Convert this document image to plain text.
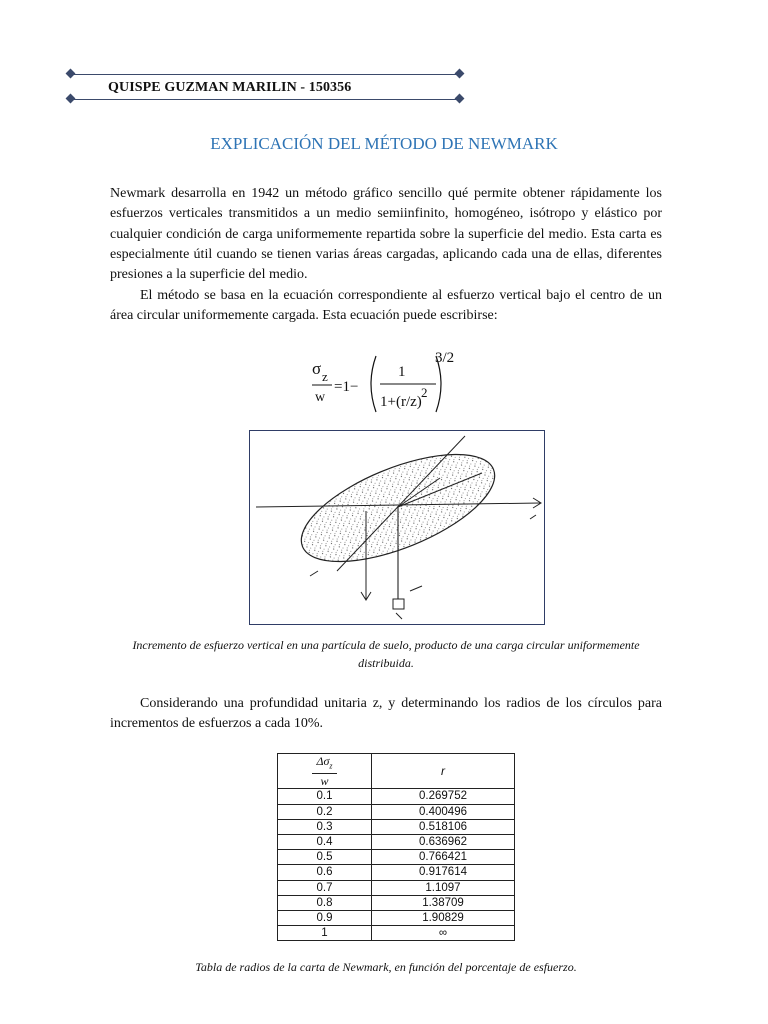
QUISPE GUZMAN MARILIN - 150356
EXPLICACIÓN DEL MÉTODO DE NEWMARK

Newmark desarrolla en 1942 un método gráfico sencillo qué permite obtener rápidamente los esfuerzos verticales transmitidos a un medio semiinfinito, homogéneo, isótropo y elástico por cualquier condición de carga uniformemente repartida sobre la superficie del medio. Esta carta es especialmente útil cuando se tienen varias áreas cargadas, aplicando cada una de ellas, diferentes presiones a la superficie del medio.

El método se basa en la ecuación correspondiente al esfuerzo vertical bajo el centro de un área circular uniformemente cargada. Esta ecuación puede escribirse:

σ z
w
=1−
1
1+(r/z)
2
3/2
Incremento de esfuerzo vertical en una partícula de suelo, producto de una carga circular uniformemente distribuida.

Considerando una profundidad unitaria z, y determinando los radios de los círculos para incrementos de esfuerzos a cada 10%.

$\frac{\Delta\sigma_z}{w}$	r
0.1	0.269752
0.2	0.400496
0.3	0.518106
0.4	0.636962
0.5	0.766421
0.6	0.917614
0.7	1.1097
0.8	1.38709
0.9	1.90829
1	∞
Tabla de radios de la carta de Newmark, en función del porcentaje de esfuerzo.
